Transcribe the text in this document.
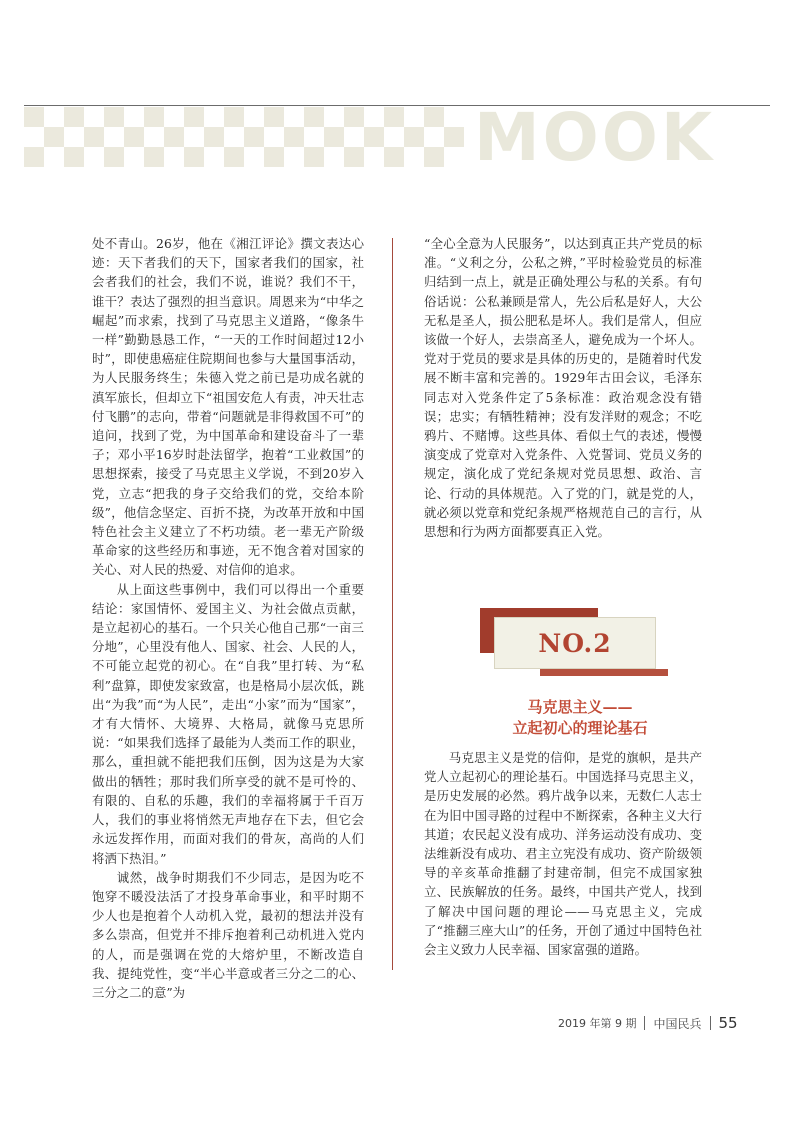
MOOK

处不青山。26岁，他在《湘江评论》撰文表达心迹：天下者我们的天下，国家者我们的国家，社会者我们的社会，我们不说，谁说？我们不干，谁干？表达了强烈的担当意识。周恩来为“中华之崛起”而求索，找到了马克思主义道路，“像条牛一样”勤勤恳恳工作，“一天的工作时间超过12小时”，即使患癌症住院期间也参与大量国事活动，为人民服务终生；朱德入党之前已是功成名就的滇军旅长，但却立下“祖国安危人有责，冲天壮志付飞鹏”的志向，带着“问题就是非得救国不可”的追问，找到了党，为中国革命和建设奋斗了一辈子；邓小平16岁时赴法留学，抱着“工业救国”的思想探索，接受了马克思主义学说，不到20岁入党，立志“把我的身子交给我们的党，交给本阶级”，他信念坚定、百折不挠，为改革开放和中国特色社会主义建立了不朽功绩。老一辈无产阶级革命家的这些经历和事迹，无不饱含着对国家的关心、对人民的热爱、对信仰的追求。

从上面这些事例中，我们可以得出一个重要结论：家国情怀、爱国主义、为社会做点贡献，是立起初心的基石。一个只关心他自己那“一亩三分地”，心里没有他人、国家、社会、人民的人，不可能立起党的初心。在“自我”里打转、为“私利”盘算，即使发家致富，也是格局小层次低，跳出“为我”而“为人民”，走出“小家”而为“国家”，才有大情怀、大境界、大格局，就像马克思所说：“如果我们选择了最能为人类而工作的职业，那么，重担就不能把我们压倒，因为这是为大家做出的牺牲；那时我们所享受的就不是可怜的、有限的、自私的乐趣，我们的幸福将属于千百万人，我们的事业将悄然无声地存在下去，但它会永远发挥作用，而面对我们的骨灰，高尚的人们将洒下热泪。”

诚然，战争时期我们不少同志，是因为吃不饱穿不暖没法活了才投身革命事业，和平时期不少人也是抱着个人动机入党，最初的想法并没有多么崇高，但党并不排斥抱着利己动机进入党内的人，而是强调在党的大熔炉里，不断改造自我、提纯党性，变“半心半意或者三分之二的心、三分之二的意”为

“全心全意为人民服务”，以达到真正共产党员的标准。“义利之分，公私之辨，”平时检验党员的标准归结到一点上，就是正确处理公与私的关系。有句俗话说：公私兼顾是常人，先公后私是好人，大公无私是圣人，损公肥私是坏人。我们是常人，但应该做一个好人，去崇高圣人，避免成为一个坏人。党对于党员的要求是具体的历史的，是随着时代发展不断丰富和完善的。1929年古田会议，毛泽东同志对入党条件定了5条标准：政治观念没有错误；忠实；有牺牲精神；没有发洋财的观念；不吃鸦片、不赌博。这些具体、看似土气的表述，慢慢演变成了党章对入党条件、入党誓词、党员义务的规定，演化成了党纪条规对党员思想、政治、言论、行动的具体规范。入了党的门，就是党的人，就必须以党章和党纪条规严格规范自己的言行，从思想和行为两方面都要真正入党。

NO.2
马克思主义——
立起初心的理论基石

马克思主义是党的信仰，是党的旗帜，是共产党人立起初心的理论基石。中国选择马克思主义，是历史发展的必然。鸦片战争以来，无数仁人志士在为旧中国寻路的过程中不断探索，各种主义大行其道；农民起义没有成功、洋务运动没有成功、变法维新没有成功、君主立宪没有成功、资产阶级领导的辛亥革命推翻了封建帝制，但完不成国家独立、民族解放的任务。最终，中国共产党人，找到了解决中国问题的理论——马克思主义，完成了“推翻三座大山”的任务，开创了通过中国特色社会主义致力人民幸福、国家富强的道路。

2019 年第 9 期 中国民兵 55
